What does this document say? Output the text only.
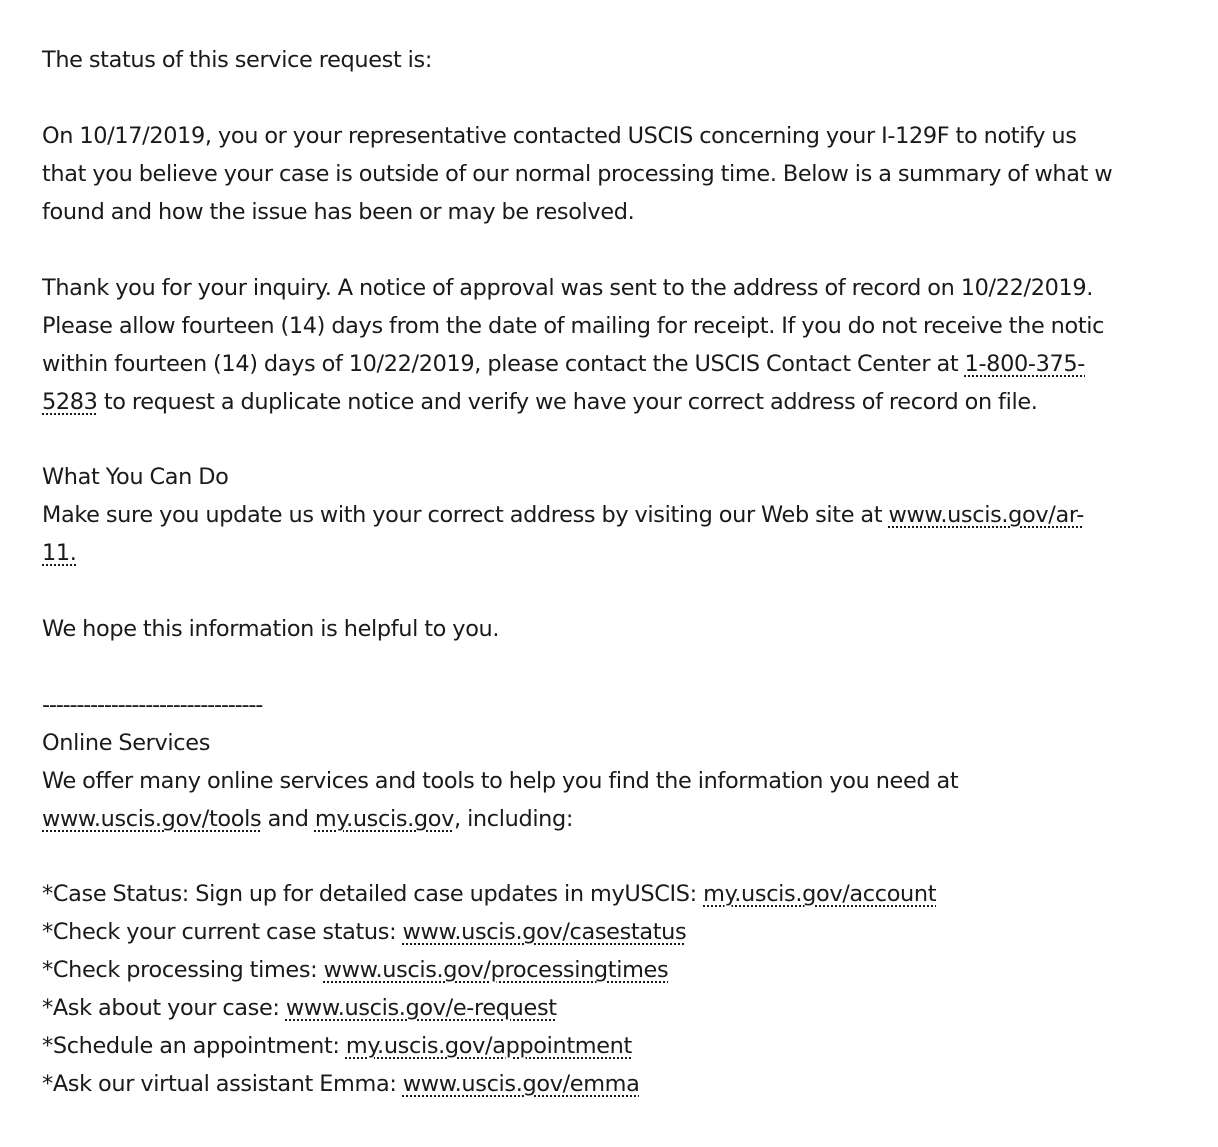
The status of this service request is:
On 10/17/2019, you or your representative contacted USCIS concerning your I-129F to notify us
that you believe your case is outside of our normal processing time. Below is a summary of what w
found and how the issue has been or may be resolved.
Thank you for your inquiry. A notice of approval was sent to the address of record on 10/22/2019.
Please allow fourteen (14) days from the date of mailing for receipt. If you do not receive the notic
within fourteen (14) days of 10/22/2019, please contact the USCIS Contact Center at 1-800-375-
5283 to request a duplicate notice and verify we have your correct address of record on file.
What You Can Do
Make sure you update us with your correct address by visiting our Web site at www.uscis.gov/ar-
11.
We hope this information is helpful to you.
--------------------------------
Online Services
We offer many online services and tools to help you find the information you need at
www.uscis.gov/tools and my.uscis.gov, including:
*Case Status: Sign up for detailed case updates in myUSCIS: my.uscis.gov/account
*Check your current case status: www.uscis.gov/casestatus
*Check processing times: www.uscis.gov/processingtimes
*Ask about your case: www.uscis.gov/e-request
*Schedule an appointment: my.uscis.gov/appointment
*Ask our virtual assistant Emma: www.uscis.gov/emma
